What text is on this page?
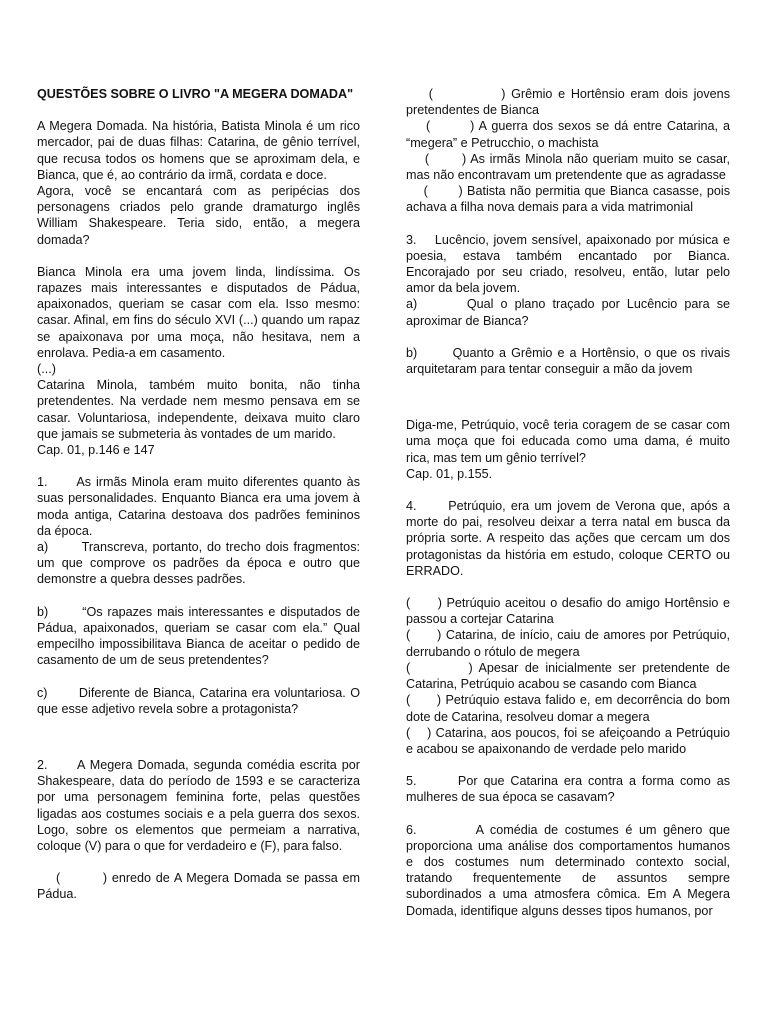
QUESTÕES SOBRE O LIVRO "A MEGERA DOMADA"

A Megera Domada. Na história, Batista Minola é um rico mercador, pai de duas filhas: Catarina, de gênio terrível, que recusa todos os homens que se aproximam dela, e Bianca, que é, ao contrário da irmã, cordata e doce.

Agora, você se encantará com as peripécias dos personagens criados pelo grande dramaturgo inglês William Shakespeare. Teria sido, então, a megera domada?

Bianca Minola era uma jovem linda, lindíssima. Os rapazes mais interessantes e disputados de Pádua, apaixonados, queriam se casar com ela. Isso mesmo: casar. Afinal, em fins do século XVI (...) quando um rapaz se apaixonava por uma moça, não hesitava, nem a enrolava. Pedia-a em casamento.

(...)

Catarina Minola, também muito bonita, não tinha pretendentes. Na verdade nem mesmo pensava em se casar. Voluntariosa, independente, deixava muito claro que jamais se submeteria às vontades de um marido.

Cap. 01, p.146 e 147

1.      As irmãs Minola eram muito diferentes quanto às suas personalidades. Enquanto Bianca era uma jovem à moda antiga, Catarina destoava dos padrões femininos da época.

a)       Transcreva, portanto, do trecho dois fragmentos: um que comprove os padrões da época e outro que demonstre a quebra desses padrões.

b)       “Os rapazes mais interessantes e disputados de Pádua, apaixonados, queriam se casar com ela.” Qual empecilho impossibilitava Bianca de aceitar o pedido de casamento de um de seus pretendentes?

c)       Diferente de Bianca, Catarina era voluntariosa. O que esse adjetivo revela sobre a protagonista?

2.      A Megera Domada, segunda comédia escrita por Shakespeare, data do período de 1593 e se caracteriza por uma personagem feminina forte, pelas questões ligadas aos costumes sociais e a pela guerra dos sexos. Logo, sobre os elementos que permeiam a narrativa, coloque (V) para o que for verdadeiro e (F), para falso.

(         ) enredo de A Megera Domada se passa em Pádua.

(            ) Grêmio e Hortênsio eram dois jovens pretendentes de Bianca

(        ) A guerra dos sexos se dá entre Catarina, a “megera” e Petrucchio, o machista

(       ) As irmãs Minola não queriam muito se casar, mas não encontravam um pretendente que as agradasse

(       ) Batista não permitia que Bianca casasse, pois achava a filha nova demais para a vida matrimonial

3.    Lucêncio, jovem sensível, apaixonado por música e poesia, estava também encantado por Bianca. Encorajado por seu criado, resolveu, então, lutar pelo amor da bela jovem.

a)       Qual o plano traçado por Lucêncio para se aproximar de Bianca?

b)       Quanto a Grêmio e a Hortênsio, o que os rivais arquitetaram para tentar conseguir a mão da jovem

Diga-me, Petrúquio, você teria coragem de se casar com uma moça que foi educada como uma dama, é muito rica, mas tem um gênio terrível?

Cap. 01, p.155.

4.      Petrúquio, era um jovem de Verona que, após a morte do pai, resolveu deixar a terra natal em busca da própria sorte. A respeito das ações que cercam um dos protagonistas da história em estudo, coloque CERTO ou ERRADO.

(      ) Petrúquio aceitou o desafio do amigo Hortênsio e passou a cortejar Catarina

(      ) Catarina, de início, caiu de amores por Petrúquio, derrubando o rótulo de megera

(         ) Apesar de inicialmente ser pretendente de Catarina, Petrúquio acabou se casando com Bianca

(      ) Petrúquio estava falido e, em decorrência do bom dote de Catarina, resolveu domar a megera

(    ) Catarina, aos poucos, foi se afeiçoando a Petrúquio e acabou se apaixonando de verdade pelo marido

5.       Por que Catarina era contra a forma como as mulheres de sua época se casavam?

6.         A comédia de costumes é um gênero que proporciona uma análise dos comportamentos humanos e dos costumes num determinado contexto social, tratando frequentemente de assuntos sempre subordinados a uma atmosfera cômica. Em A Megera Domada, identifique alguns desses tipos humanos, por
